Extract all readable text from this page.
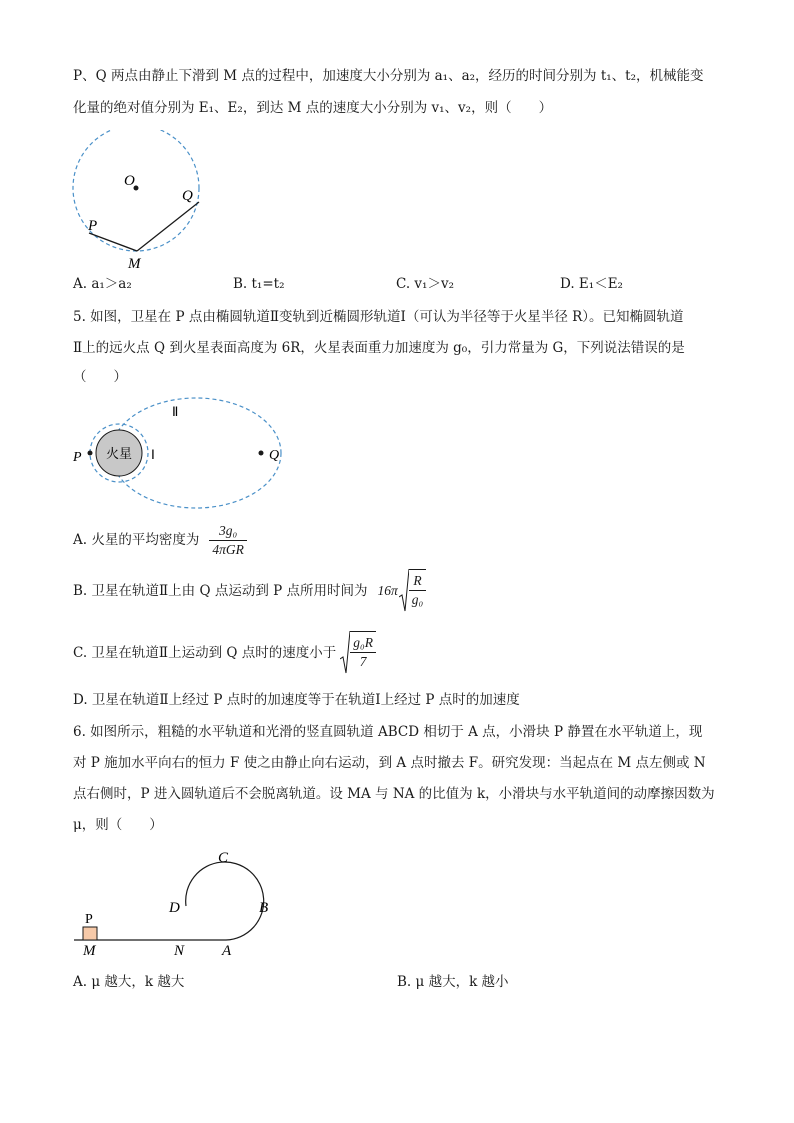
P、Q 两点由静止下滑到 M 点的过程中，加速度大小分别为 a₁、a₂，经历的时间分别为 t₁、t₂，机械能变
化量的绝对值分别为 E₁、E₂，到达 M 点的速度大小分别为 v₁、v₂，则（　　）
O
Q
P
M
A. a₁＞a₂	B. t₁=t₂	C. v₁＞v₂	D. E₁＜E₂
5. 如图，卫星在 P 点由椭圆轨道Ⅱ变轨到近椭圆形轨道Ⅰ（可认为半径等于火星半径 R）。已知椭圆轨道
Ⅱ上的远火点 Q 到火星表面高度为 6R，火星表面重力加速度为 g₀，引力常量为 G，下列说法错误的是
（　　）
火星
Ⅱ
Ⅰ
P	Q
A. 火星的平均密度为 $\frac{\text{3g₀}}{\text{4πGR}}$
B. 卫星在轨道Ⅱ上由 Q 点运动到 P 点所用时间为 $16\pi \frac{R}{\text{g₀}}$
C. 卫星在轨道Ⅱ上运动到 Q 点时的速度小于 $\frac{\text{g₀R}}{7}$
D. 卫星在轨道Ⅱ上经过 P 点时的加速度等于在轨道Ⅰ上经过 P 点时的加速度
6. 如图所示，粗糙的水平轨道和光滑的竖直圆轨道 ABCD 相切于 A 点，小滑块 P 静置在水平轨道上，现
对 P 施加水平向右的恒力 F 使之由静止向右运动，到 A 点时撤去 F。研究发现：当起点在 M 点左侧或 N
点右侧时，P 进入圆轨道后不会脱离轨道。设 MA 与 NA 的比值为 k，小滑块与水平轨道间的动摩擦因数为
μ，则（　　）
C
D	B
P
M	N	A
A. μ 越大，k 越大	B. μ 越大，k 越小
